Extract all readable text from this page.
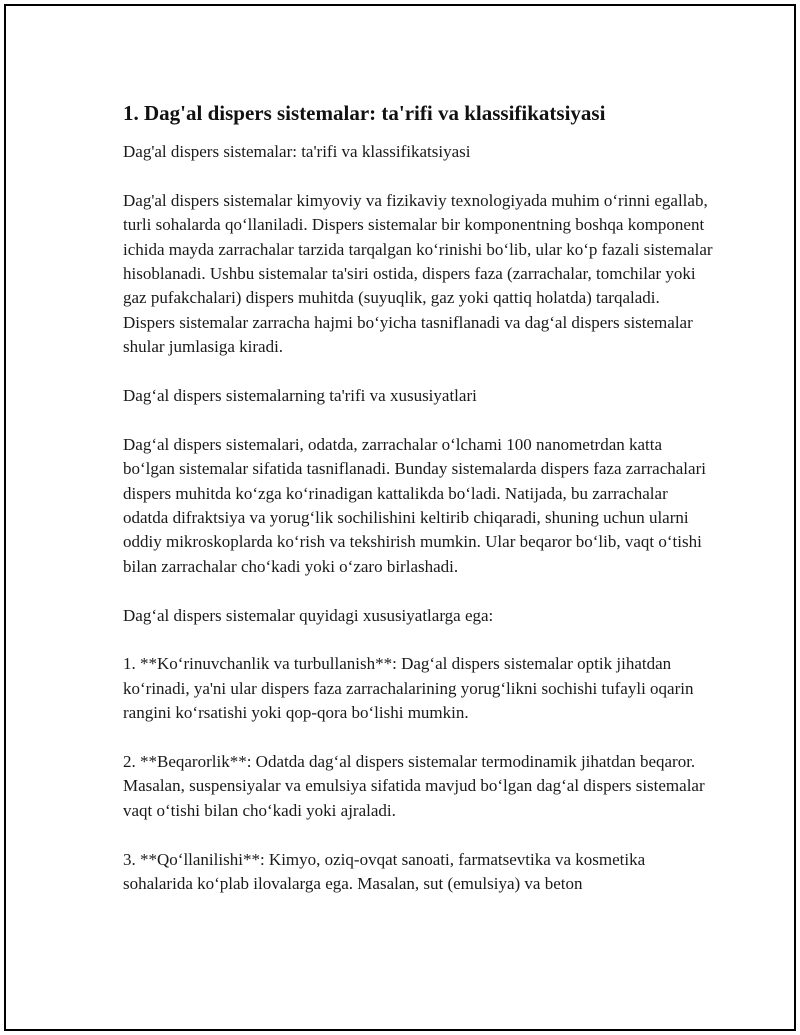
1. Dag'al dispers sistemalar: ta'rifi va klassifikatsiyasi

Dag'al dispers sistemalar: ta'rifi va klassifikatsiyasi

Dag'al dispers sistemalar kimyoviy va fizikaviy texnologiyada muhim oʻrinni egallab, turli sohalarda qoʻllaniladi. Dispers sistemalar bir komponentning boshqa komponent ichida mayda zarrachalar tarzida tarqalgan koʻrinishi boʻlib, ular koʻp fazali sistemalar hisoblanadi. Ushbu sistemalar ta'siri ostida, dispers faza (zarrachalar, tomchilar yoki gaz pufakchalari) dispers muhitda (suyuqlik, gaz yoki qattiq holatda) tarqaladi. Dispers sistemalar zarracha hajmi boʻyicha tasniflanadi va dagʻal dispers sistemalar shular jumlasiga kiradi.

Dagʻal dispers sistemalarning ta'rifi va xususiyatlari

Dagʻal dispers sistemalari, odatda, zarrachalar oʻlchami 100 nanometrdan katta boʻlgan sistemalar sifatida tasniflanadi. Bunday sistemalarda dispers faza zarrachalari dispers muhitda koʻzga koʻrinadigan kattalikda boʻladi. Natijada, bu zarrachalar odatda difraktsiya va yorugʻlik sochilishini keltirib chiqaradi, shuning uchun ularni oddiy mikroskoplarda koʻrish va tekshirish mumkin. Ular beqaror boʻlib, vaqt oʻtishi bilan zarrachalar choʻkadi yoki oʻzaro birlashadi.

Dagʻal dispers sistemalar quyidagi xususiyatlarga ega:

1. **Koʻrinuvchanlik va turbullanish**: Dagʻal dispers sistemalar optik jihatdan koʻrinadi, ya'ni ular dispers faza zarrachalarining yorugʻlikni sochishi tufayli oqarin rangini koʻrsatishi yoki qop-qora boʻlishi mumkin.

2. **Beqarorlik**: Odatda dagʻal dispers sistemalar termodinamik jihatdan beqaror. Masalan, suspensiyalar va emulsiya sifatida mavjud boʻlgan dagʻal dispers sistemalar vaqt oʻtishi bilan choʻkadi yoki ajraladi.

3. **Qoʻllanilishi**: Kimyo, oziq-ovqat sanoati, farmatsevtika va kosmetika sohalarida koʻplab ilovalarga ega. Masalan, sut (emulsiya) va beton
